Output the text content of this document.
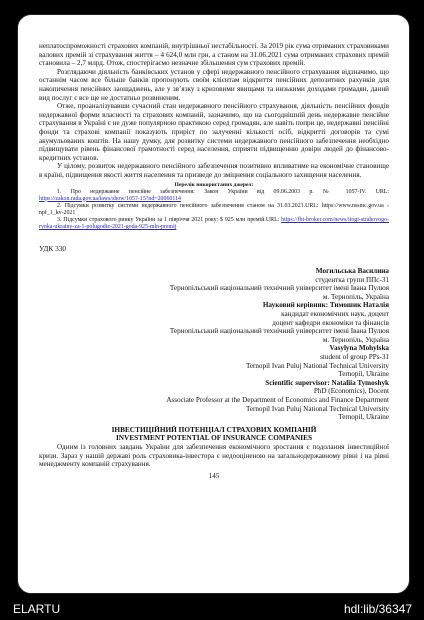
неплатоспроможності страхових компаній, внутрішньої нестабільності. За 2019 рік сума отриманих страховиками валових премій зі страхування життя – 4 624,0 млн грн, а станом на 31.06.2021 сума отриманих страхових премій становила – 2,7 млрд. Отож, спостерігаємо незначне збільшення сум страхових премій.

Розглядаючи діяльність банківських установ у сфері недержавного пенсійного страхування відзначимо, що останнім часом все більше банків пропонують своїм клієнтам відкриття пенсійних депозитних рахунків для накопичення пенсійних заощаджень, але у зв’язку з кризовими явищами та низькими доходами громадян, даний вид послуг є все ще не достатньо розвиненим.

Отже, проаналізувавши сучасний стан недержавного пенсійного страхування, діяльність пенсійних фондів недержавної форми власності та страхових компаній, зазначимо, що на сьогоднішній день недержавне пенсійне страхування в Україні є не дуже популярною практикою серед громадян, але навіть попри це, недержавні пенсійні фонди та страхові компанії показують приріст по залученні кількості осіб, відкритті договорів та сумі акумульованих коштів. На нашу думку, для розвитку системи недержавного пенсійного забезпечення необхідно підвищувати рівень фінансової грамотності серед населення, сприяти підвищенню довіри людей до фінансово-кредитних установ.

У цілому, розвиток недержавного пенсійного забезпечення позитивно впливатиме на економічне становище в країні, підвищення якості життя населення та призведе до зміцнення соціального захищення населення.

Перелік використаних джерел:

1. Про недержавне пенсійне забезпечення: Закон України від 09.06.2003 р. № 1057-IV. URL: https://zakon.rada.gov.ua/laws/show/1057-15?nd=20060114

2. Підсумки розвитку системи недержавного пенсійного забезпечення станом на 31.03.2021.URL: https://www.nssmc.gov.ua › npf_1_kv-2021

3. Підсумки страхового ринку України за 1 півріччя 2021 року: $ 925 млн премій.URL: https://fbt-broker.com/news/itogi-strahovogo-rynka-ukrainy-za-1-polugodie-2021-goda-925-mln-premij

УДК 330
Могильська Василина
студентка групи ППс-31
Тернопільський національний технічний університет імені Івана Пулюя
м. Тернопіль, Україна
Науковий керівник: Тимошик Наталія
кандидат економічних наук, доцент
доцент кафедри економіки та фінансів
Тернопільський національний технічний університет імені Івана Пулюя
м. Тернопіль, Україна
Vasylyna Mohylska
student of group PPs-31
Ternopil Ivan Puluj National Technical University
Ternopil, Ukraine
Scientific supervisor: Nataliia Tymoshyk
PhD (Economics), Docent
Associate Professor at the Department of Economics and Finance Department
Ternopil Ivan Puluj National Technical University
Ternopil, Ukraine
ІНВЕСТИЦІЙНИЙ ПОТЕНЦІАЛ СТРАХОВИХ КОМПАНІЙ
INVESTMENT POTENTIAL OF INSURANCE COMPANIES

Одним із головних завдань України для забезпечення економічного зростання є подолання інвестиційної кризи. Зараз у нашій державі роль страховика-інвестора є недооціненою на загальнодержавному рівні і на рівні менеджменту компаній страхування.

145
ELARTU	hdl:lib/36347
